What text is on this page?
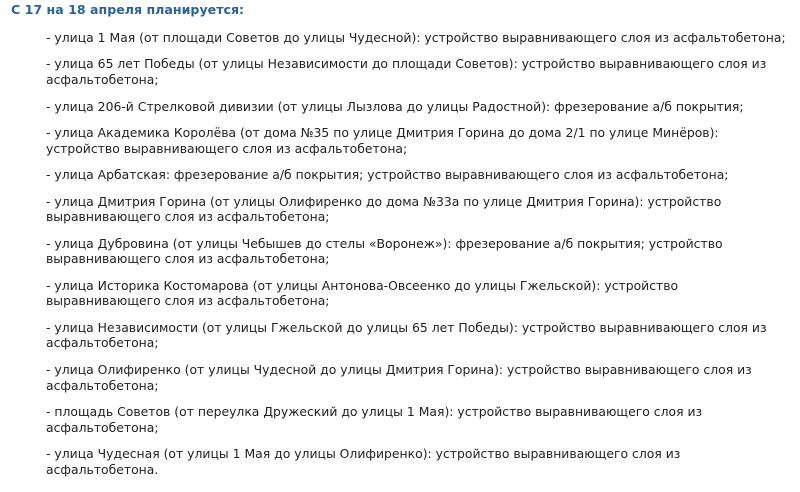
С 17 на 18 апреля планируется:
- улица 1 Мая (от площади Советов до улицы Чудесной): устройство выравнивающего слоя из асфальтобетона;
- улица 65 лет Победы (от улицы Независимости до площади Советов): устройство выравнивающего слоя из асфальтобетона;
- улица 206-й Стрелковой дивизии (от улицы Лызлова до улицы Радостной): фрезерование а/б покрытия;
- улица Академика Королёва (от дома №35 по улице Дмитрия Горина до дома 2/1 по улице Минёров): устройство выравнивающего слоя из асфальтобетона;
- улица Арбатская: фрезерование а/б покрытия; устройство выравнивающего слоя из асфальтобетона;
- улица Дмитрия Горина (от улицы Олифиренко до дома №33а по улице Дмитрия Горина): устройство выравнивающего слоя из асфальтобетона;
- улица Дубровина (от улицы Чебышев до стелы «Воронеж»): фрезерование а/б покрытия; устройство выравнивающего слоя из асфальтобетона;
- улица Историка Костомарова (от улицы Антонова-Овсеенко до улицы Гжельской): устройство выравнивающего слоя из асфальтобетона;
- улица Независимости (от улицы Гжельской до улицы 65 лет Победы): устройство выравнивающего слоя из асфальтобетона;
- улица Олифиренко (от улицы Чудесной до улицы Дмитрия Горина): устройство выравнивающего слоя из асфальтобетона;
- площадь Советов (от переулка Дружеский до улицы 1 Мая): устройство выравнивающего слоя из асфальтобетона;
- улица Чудесная (от улицы 1 Мая до улицы Олифиренко): устройство выравнивающего слоя из асфальтобетона.
